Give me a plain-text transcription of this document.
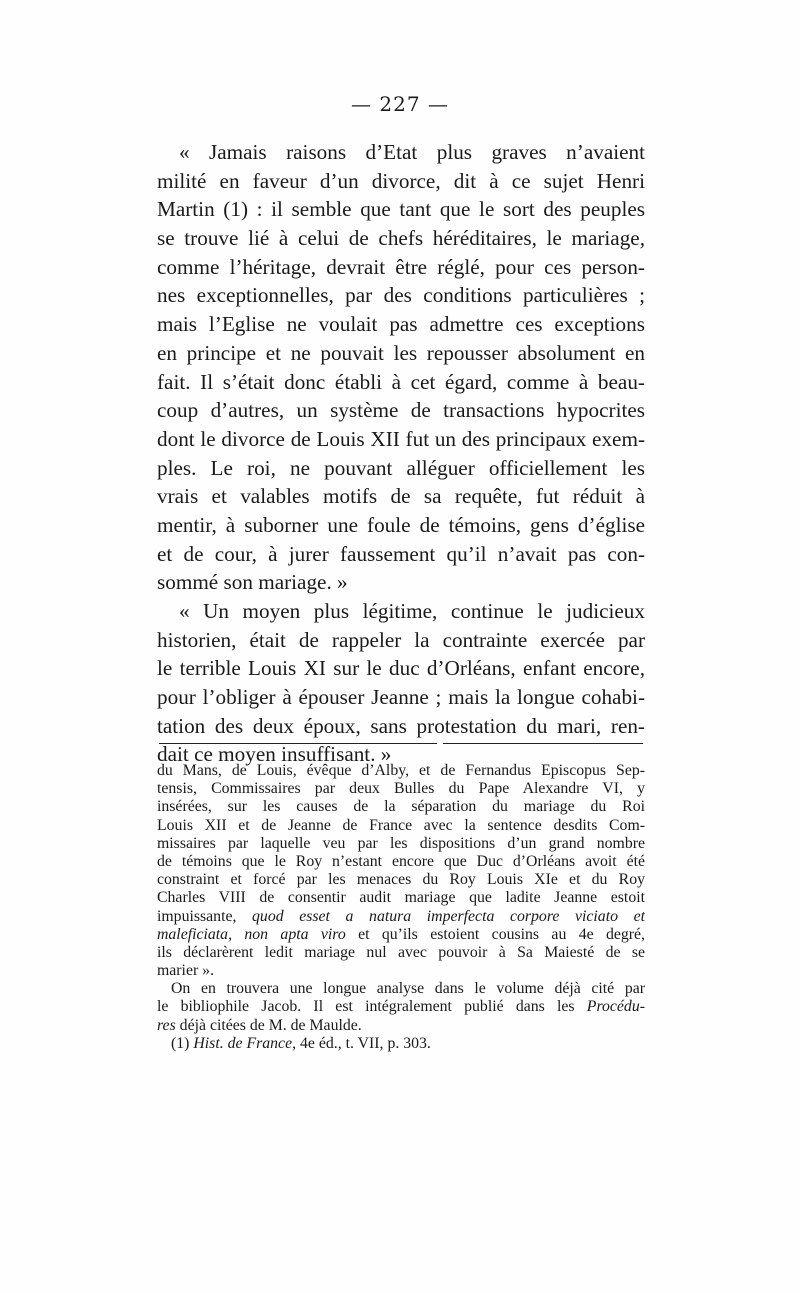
— 227 —
« Jamais raisons d’Etat plus graves n’avaient
milité en faveur d’un divorce, dit à ce sujet Henri
Martin (1) : il semble que tant que le sort des peuples
se trouve lié à celui de chefs héréditaires, le mariage,
comme l’héritage, devrait être réglé, pour ces person-
nes exceptionnelles, par des conditions particulières ;
mais l’Eglise ne voulait pas admettre ces exceptions
en principe et ne pouvait les repousser absolument en
fait. Il s’était donc établi à cet égard, comme à beau-
coup d’autres, un système de transactions hypocrites
dont le divorce de Louis XII fut un des principaux exem-
ples. Le roi, ne pouvant alléguer officiellement les
vrais et valables motifs de sa requête, fut réduit à
mentir, à suborner une foule de témoins, gens d’église
et de cour, à jurer faussement qu’il n’avait pas con-
sommé son mariage. »
« Un moyen plus légitime, continue le judicieux
historien, était de rappeler la contrainte exercée par
le terrible Louis XI sur le duc d’Orléans, enfant encore,
pour l’obliger à épouser Jeanne ; mais la longue cohabi-
tation des deux époux, sans protestation du mari, ren-
dait ce moyen insuffisant. »
du Mans, de Louis, évêque d’Alby, et de Fernandus Episcopus Sep-
tensis, Commissaires par deux Bulles du Pape Alexandre VI, y
insérées, sur les causes de la séparation du mariage du Roi
Louis XII et de Jeanne de France avec la sentence desdits Com-
missaires par laquelle veu par les dispositions d’un grand nombre
de témoins que le Roy n’estant encore que Duc d’Orléans avoit été
constraint et forcé par les menaces du Roy Louis XIe et du Roy
Charles VIII de consentir audit mariage que ladite Jeanne estoit
impuissante, quod esset a natura imperfecta corpore viciato et
maleficiata, non apta viro et qu’ils estoient cousins au 4e degré,
ils déclarèrent ledit mariage nul avec pouvoir à Sa Maiesté de se
marier ».
On en trouvera une longue analyse dans le volume déjà cité par
le bibliophile Jacob. Il est intégralement publié dans les Procédu-
res déjà citées de M. de Maulde.
(1) Hist. de France, 4e éd., t. VII, p. 303.
